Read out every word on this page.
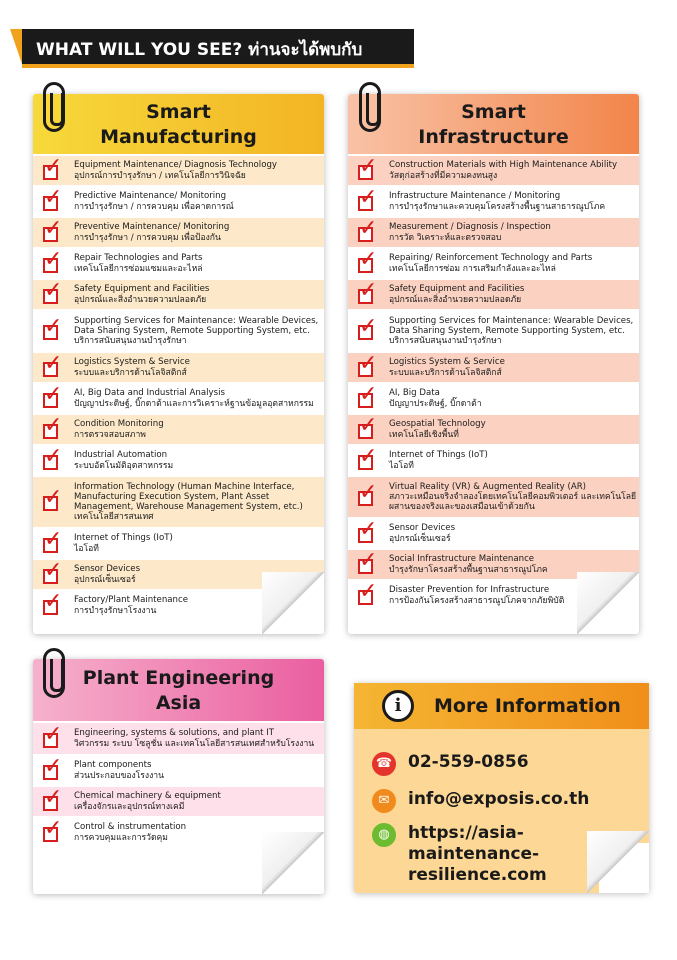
WHAT WILL YOU SEE? ท่านจะได้พบกับ
Smart
Manufacturing
✓ Equipment Maintenance/ Diagnosis Technology
อุปกรณ์การบำรุงรักษา / เทคโนโลยีการวินิจฉัย
✓ Predictive Maintenance/ Monitoring
การบำรุงรักษา / การควบคุม เพื่อคาดการณ์
✓ Preventive Maintenance/ Monitoring
การบำรุงรักษา / การควบคุม เพื่อป้องกัน
✓ Repair Technologies and Parts
เทคโนโลยีการซ่อมแซมและอะไหล่
✓ Safety Equipment and Facilities
อุปกรณ์และสิ่งอำนวยความปลอดภัย
✓ Supporting Services for Maintenance: Wearable Devices, Data Sharing System, Remote Supporting System, etc.
บริการสนับสนุนงานบำรุงรักษา
✓ Logistics System & Service
ระบบและบริการด้านโลจิสติกส์
✓ AI, Big Data and Industrial Analysis
ปัญญาประดิษฐ์, บิ๊กดาต้าและการวิเคราะห์ฐานข้อมูลอุตสาหกรรม
✓ Condition Monitoring
การตรวจสอบสภาพ
✓ Industrial Automation
ระบบอัตโนมัติอุตสาหกรรม
✓ Information Technology (Human Machine Interface, Manufacturing Execution System, Plant Asset Management, Warehouse Management System, etc.)
เทคโนโลยีสารสนเทศ
✓ Internet of Things (IoT)
ไอโอที
✓ Sensor Devices
อุปกรณ์เซ็นเซอร์
✓ Factory/Plant Maintenance
การบำรุงรักษาโรงงาน
Smart
Infrastructure
✓ Construction Materials with High Maintenance Ability
วัสดุก่อสร้างที่มีความคงทนสูง
✓ Infrastructure Maintenance / Monitoring
การบำรุงรักษาและควบคุมโครงสร้างพื้นฐานสาธารณูปโภค
✓ Measurement / Diagnosis / Inspection
การวัด วิเคราะห์และตรวจสอบ
✓ Repairing/ Reinforcement Technology and Parts
เทคโนโลยีการซ่อม การเสริมกำลังและอะไหล่
✓ Safety Equipment and Facilities
อุปกรณ์และสิ่งอำนวยความปลอดภัย
✓ Supporting Services for Maintenance: Wearable Devices, Data Sharing System, Remote Supporting System, etc.
บริการสนับสนุนงานบำรุงรักษา
✓ Logistics System & Service
ระบบและบริการด้านโลจิสติกส์
✓ AI, Big Data
ปัญญาประดิษฐ์, บิ๊กดาต้า
✓ Geospatial Technology
เทคโนโลยีเชิงพื้นที่
✓ Internet of Things (IoT)
ไอโอที
✓ Virtual Reality (VR) & Augmented Reality (AR)
สภาวะเหมือนจริงจำลองโดยเทคโนโลยีคอมพิวเตอร์ และเทคโนโลยีผสานของจริงและของเสมือนเข้าด้วยกัน
✓ Sensor Devices
อุปกรณ์เซ็นเซอร์
✓ Social Infrastructure Maintenance
บำรุงรักษาโครงสร้างพื้นฐานสาธารณูปโภค
✓ Disaster Prevention for Infrastructure
การป้องกันโครงสร้างสาธารณูปโภคจากภัยพิบัติ
Plant Engineering
Asia
✓ Engineering, systems & solutions, and plant IT
วิศวกรรม ระบบ โซลูชั่น และเทคโนโลยีสารสนเทศสำหรับโรงงาน
✓ Plant components
ส่วนประกอบของโรงงาน
✓ Chemical machinery & equipment
เครื่องจักรและอุปกรณ์ทางเคมี
✓ Control & instrumentation
การควบคุมและการวัดคุม
i	More Information
☎ 02-559-0856
✉	info@exposis.co.th
◍	https://asia-maintenance-
resilience.com
